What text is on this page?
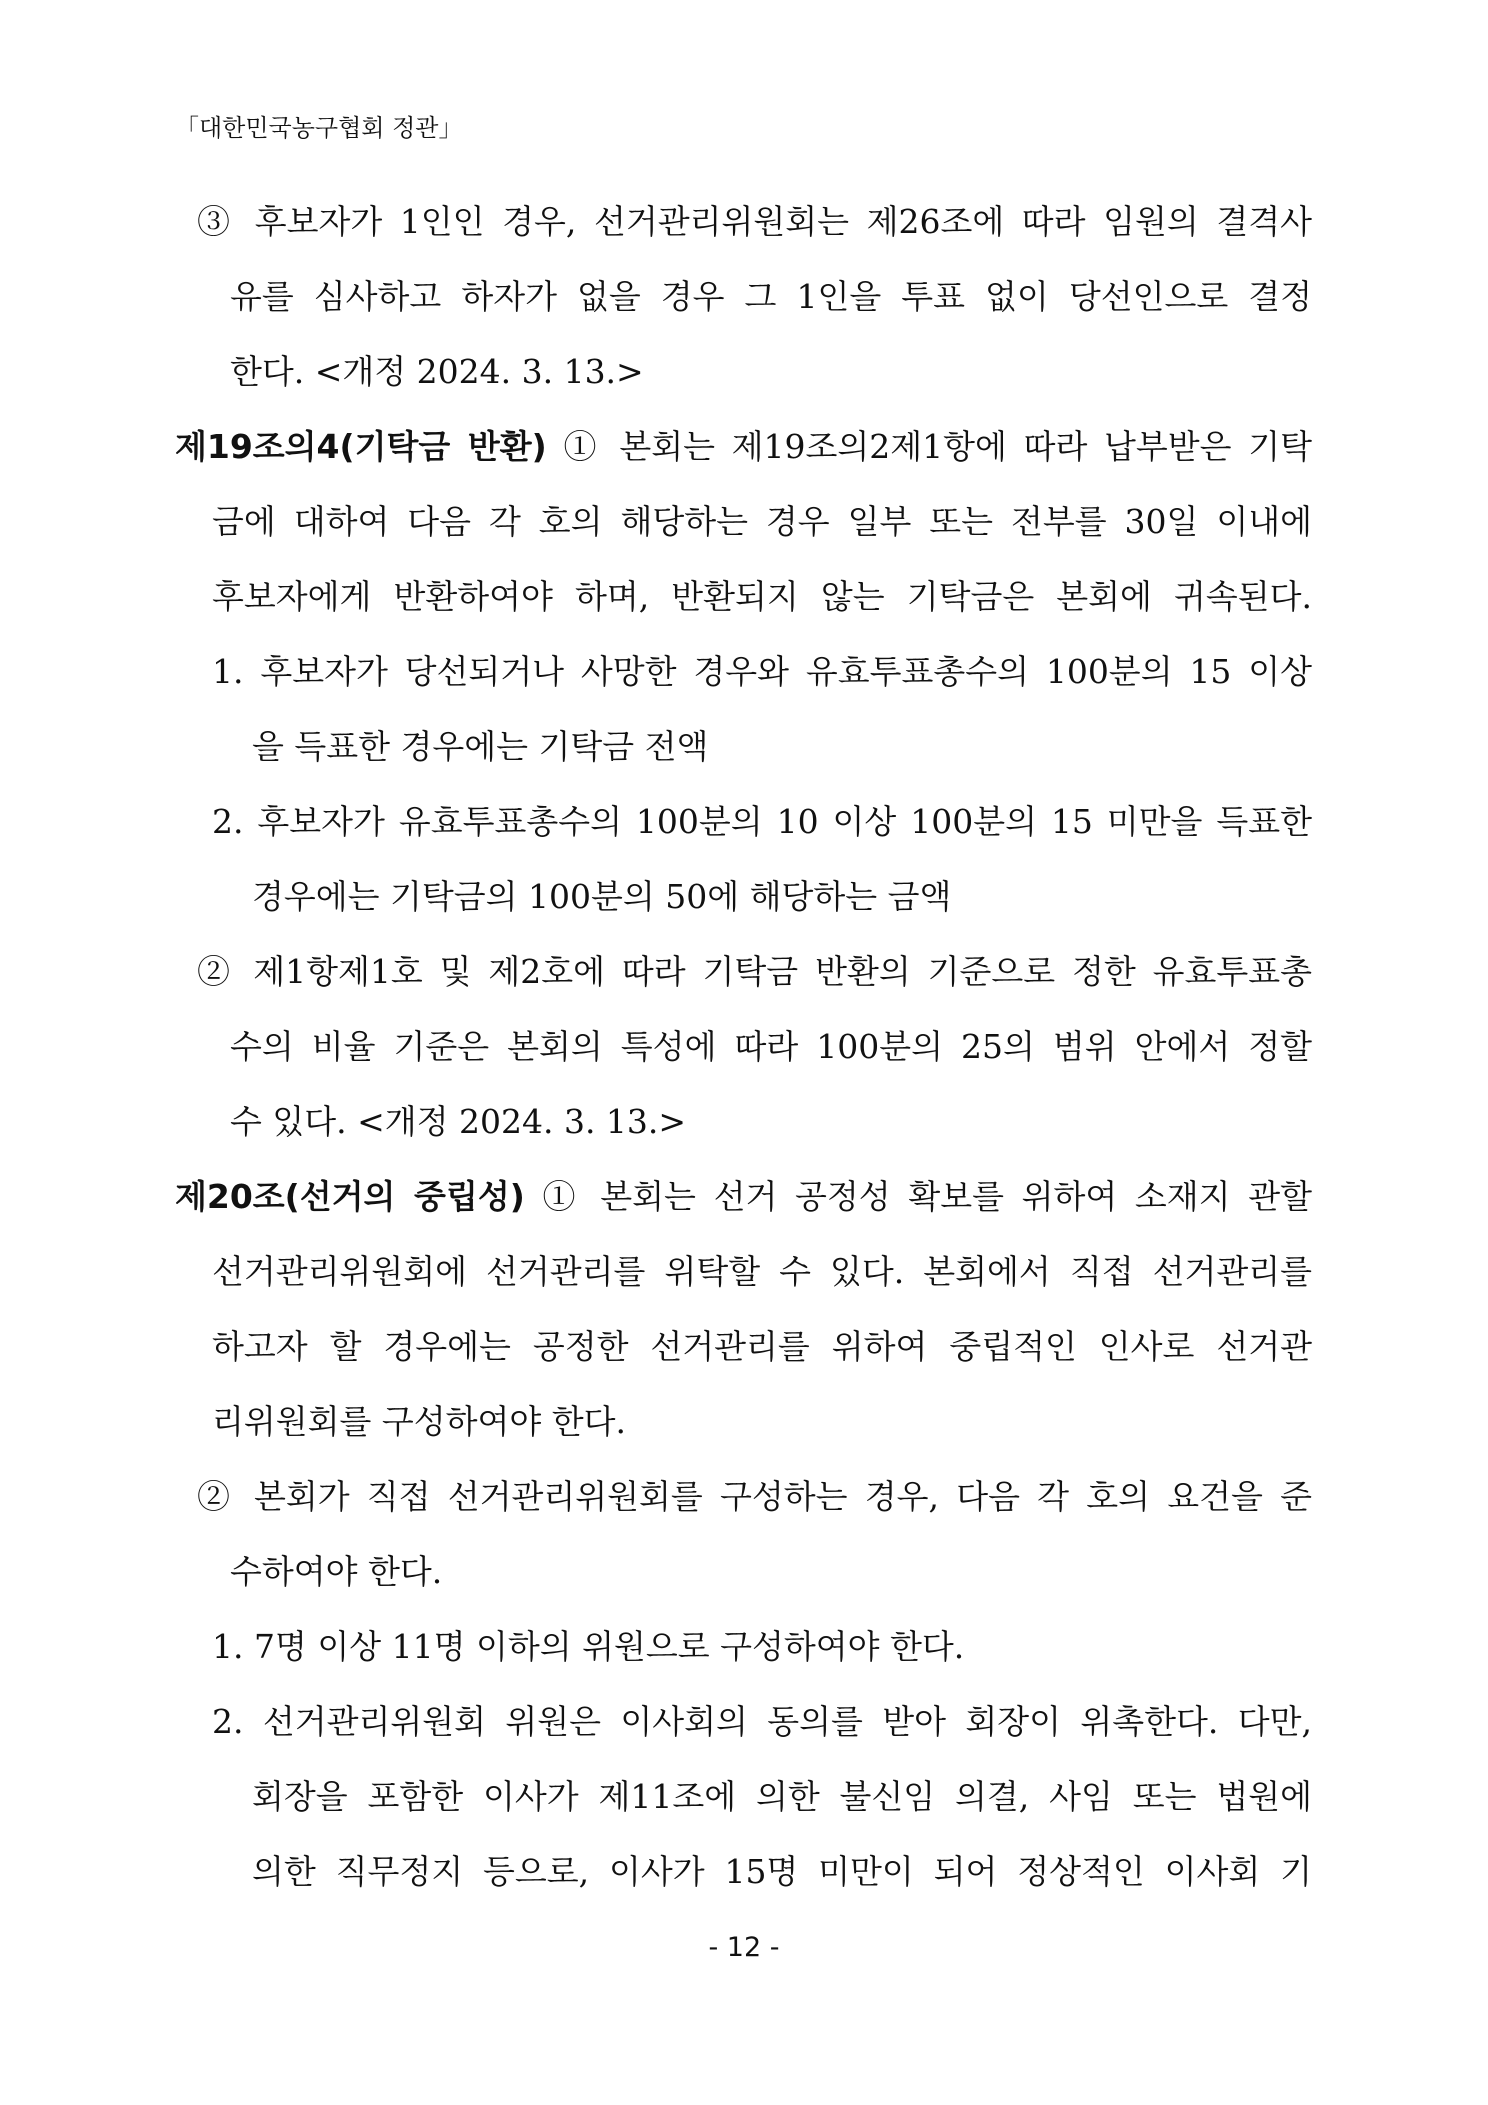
「대한민국농구협회 정관」
③ 후보자가 1인인 경우, 선거관리위원회는 제26조에 따라 임원의 결격사
유를 심사하고 하자가 없을 경우 그 1인을 투표 없이 당선인으로 결정
한다. <개정 2024. 3. 13.>
제19조의4(기탁금 반환) ① 본회는 제19조의2제1항에 따라 납부받은 기탁
금에 대하여 다음 각 호의 해당하는 경우 일부 또는 전부를 30일 이내에
후보자에게 반환하여야 하며, 반환되지 않는 기탁금은 본회에 귀속된다.
1. 후보자가 당선되거나 사망한 경우와 유효투표총수의 100분의 15 이상
을 득표한 경우에는 기탁금 전액
2. 후보자가 유효투표총수의 100분의 10 이상 100분의 15 미만을 득표한
경우에는 기탁금의 100분의 50에 해당하는 금액
② 제1항제1호 및 제2호에 따라 기탁금 반환의 기준으로 정한 유효투표총
수의 비율 기준은 본회의 특성에 따라 100분의 25의 범위 안에서 정할
수 있다. <개정 2024. 3. 13.>
제20조(선거의 중립성) ① 본회는 선거 공정성 확보를 위하여 소재지 관할
선거관리위원회에 선거관리를 위탁할 수 있다. 본회에서 직접 선거관리를
하고자 할 경우에는 공정한 선거관리를 위하여 중립적인 인사로 선거관
리위원회를 구성하여야 한다.
② 본회가 직접 선거관리위원회를 구성하는 경우, 다음 각 호의 요건을 준
수하여야 한다.
1. 7명 이상 11명 이하의 위원으로 구성하여야 한다.
2. 선거관리위원회 위원은 이사회의 동의를 받아 회장이 위촉한다. 다만,
회장을 포함한 이사가 제11조에 의한 불신임 의결, 사임 또는 법원에
의한 직무정지 등으로, 이사가 15명 미만이 되어 정상적인 이사회 기
- 12 -
